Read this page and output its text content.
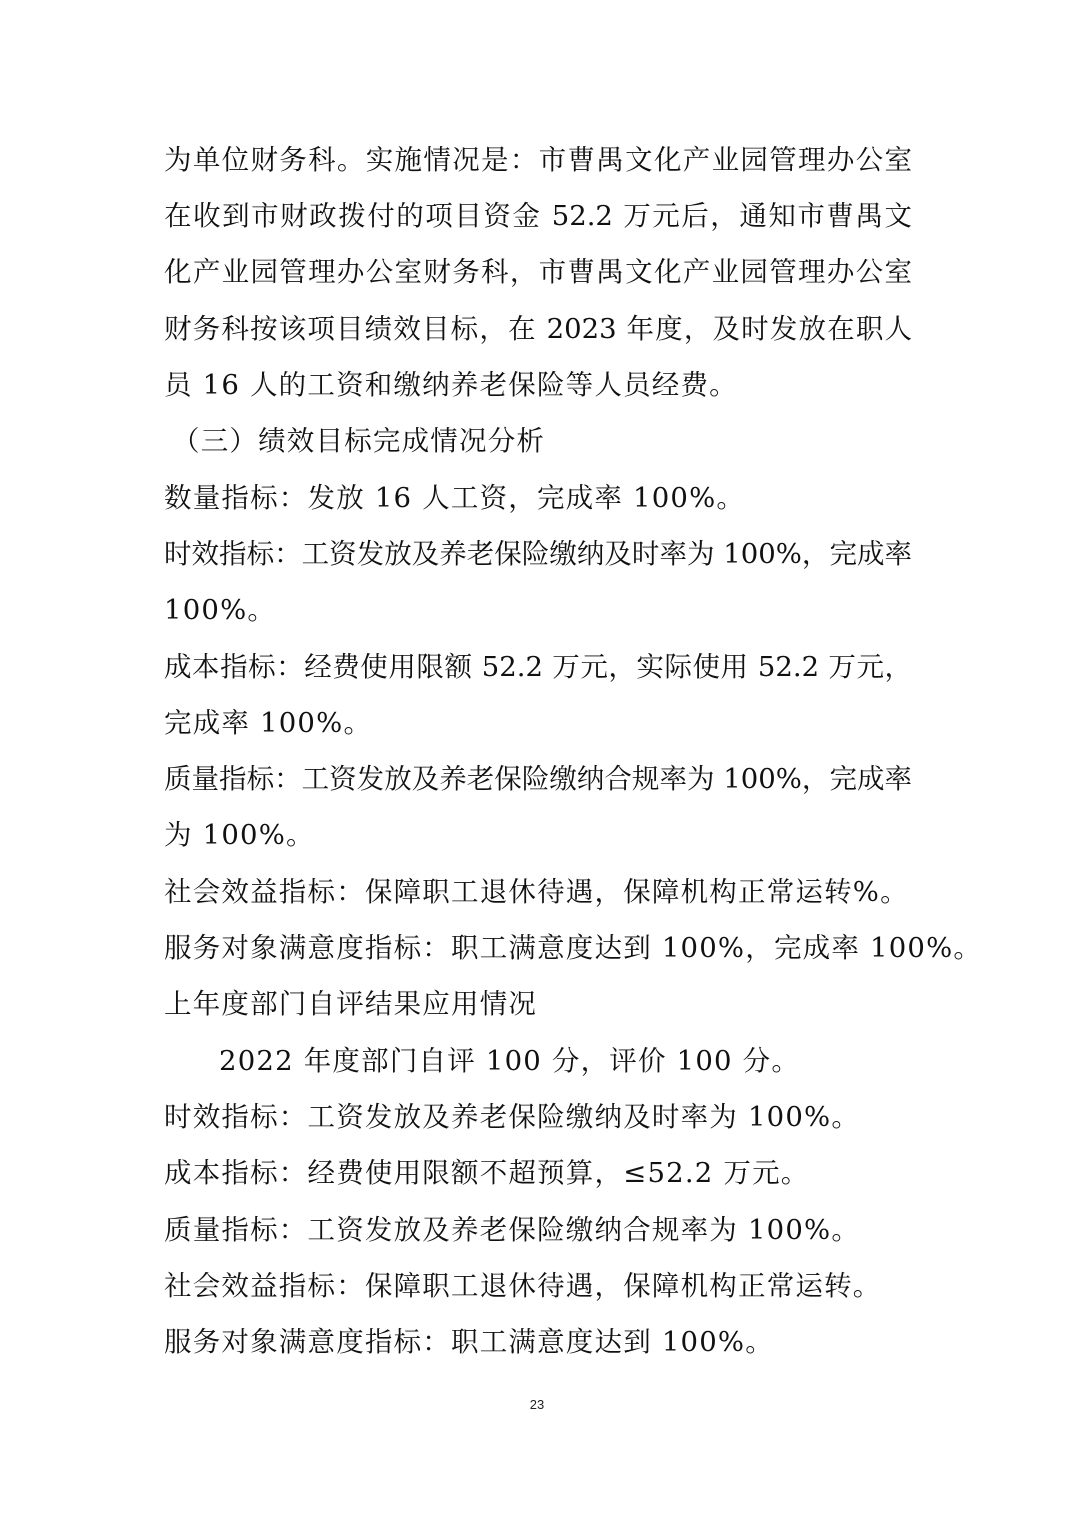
为单位财务科。实施情况是：市曹禺文化产业园管理办公室
在收到市财政拨付的项目资金 52.2 万元后，通知市曹禺文
化产业园管理办公室财务科，市曹禺文化产业园管理办公室
财务科按该项目绩效目标，在 2023 年度，及时发放在职人
员 16 人的工资和缴纳养老保险等人员经费。
（三）绩效目标完成情况分析
数量指标：发放 16 人工资，完成率 100%。
时效指标：工资发放及养老保险缴纳及时率为 100%，完成率
100%。
成本指标：经费使用限额 52.2 万元，实际使用 52.2 万元，
完成率 100%。
质量指标：工资发放及养老保险缴纳合规率为 100%，完成率
为 100%。
社会效益指标：保障职工退休待遇，保障机构正常运转%。
服务对象满意度指标：职工满意度达到 100%，完成率 100%。
上年度部门自评结果应用情况
2022 年度部门自评 100 分，评价 100 分。
时效指标：工资发放及养老保险缴纳及时率为 100%。
成本指标：经费使用限额不超预算，≤52.2 万元。
质量指标：工资发放及养老保险缴纳合规率为 100%。
社会效益指标：保障职工退休待遇，保障机构正常运转。
服务对象满意度指标：职工满意度达到 100%。
23
